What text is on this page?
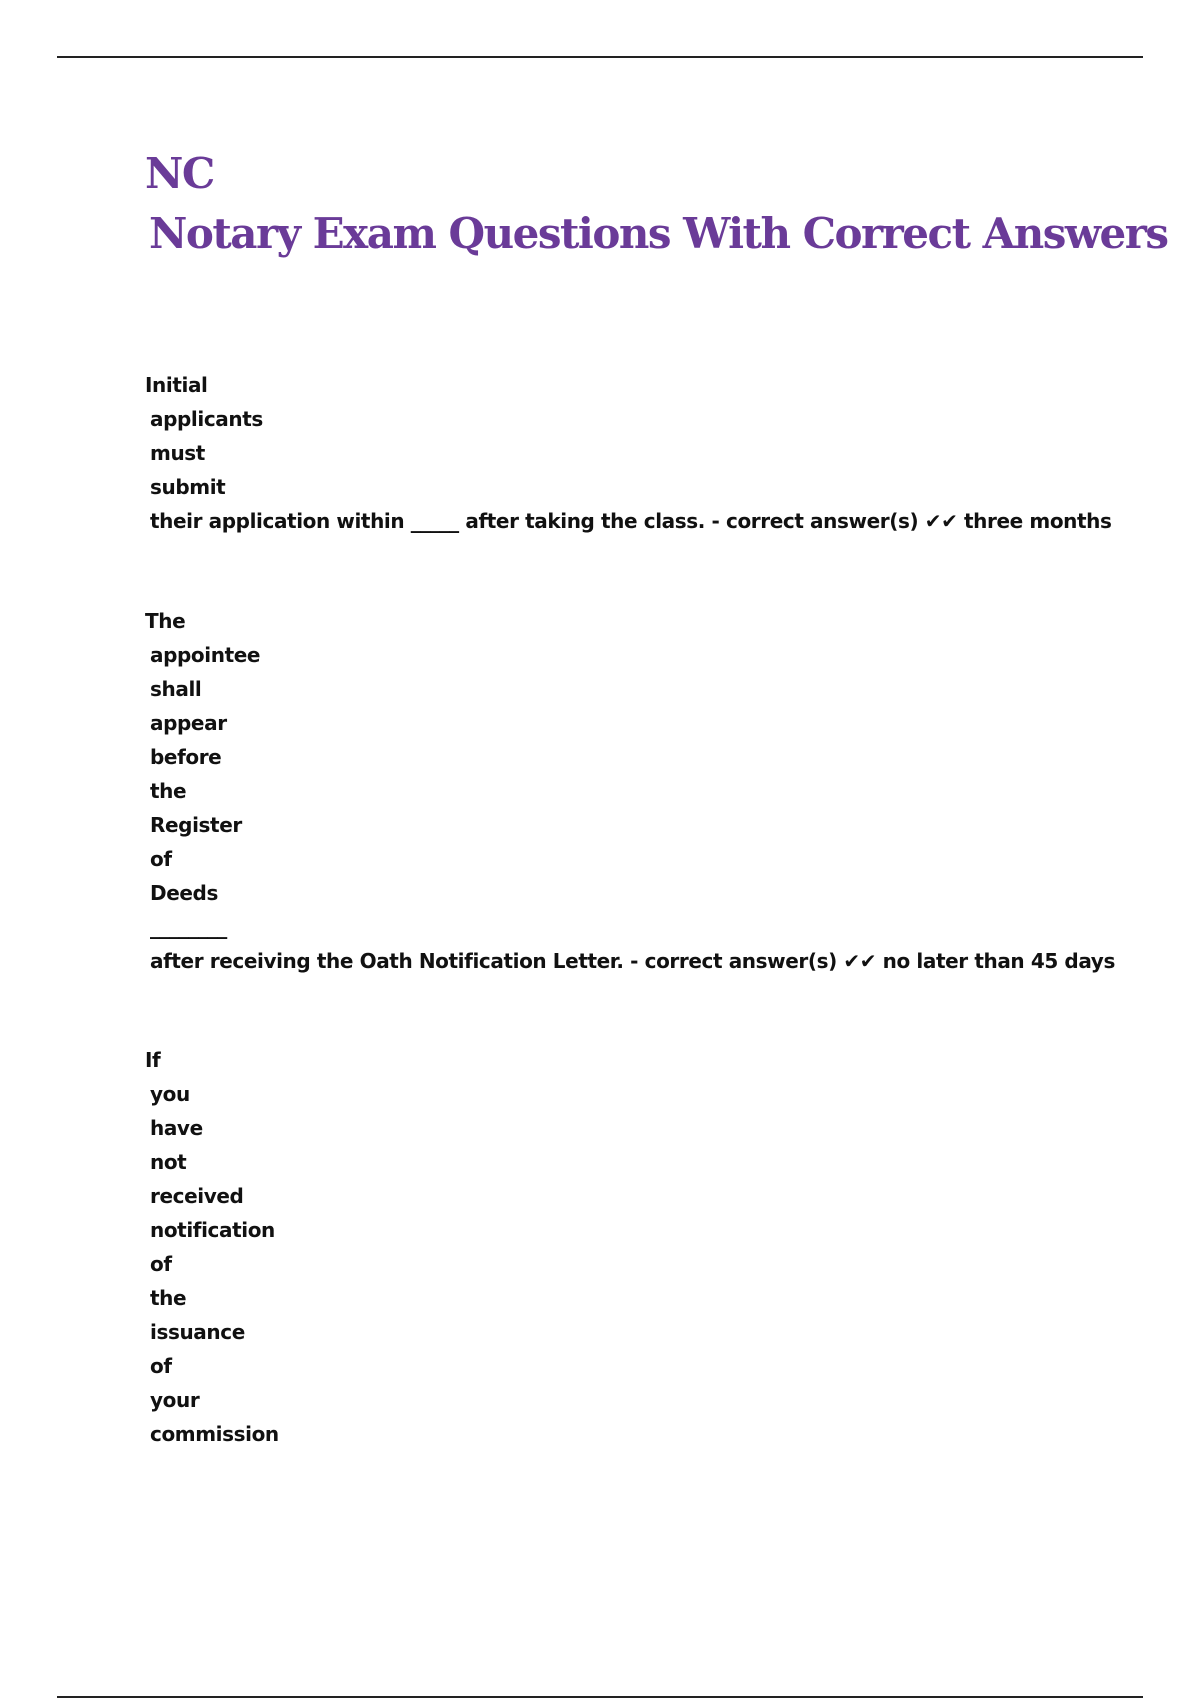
NC
Notary Exam Questions With Correct Answers
Initial
applicants
must
submit
their application within _____ after taking the class. - correct answer(s) ✔✔ three months
The
appointee
shall
appear
before
the
Register
of
Deeds
________
after receiving the Oath Notification Letter. - correct answer(s) ✔✔ no later than 45 days
If
you
have
not
received
notification
of
the
issuance
of
your
commission
